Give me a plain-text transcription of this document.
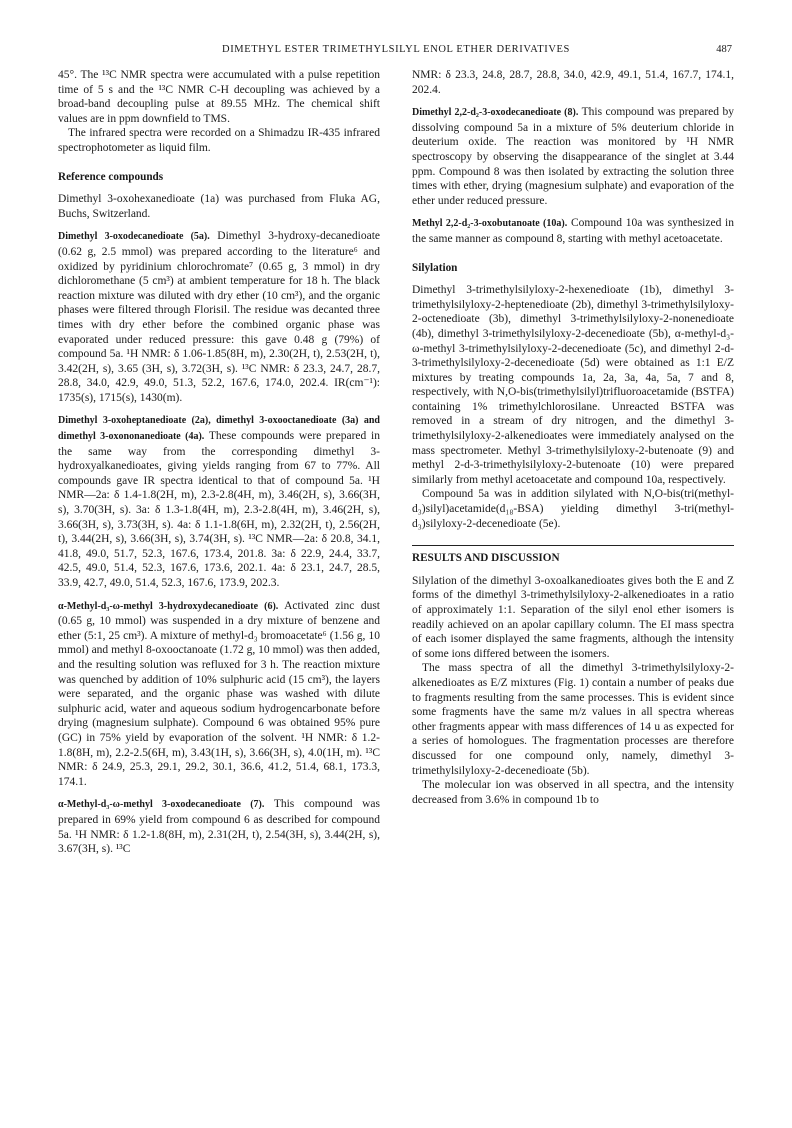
DIMETHYL ESTER TRIMETHYLSILYL ENOL ETHER DERIVATIVES	487

45°. The ¹³C NMR spectra were accumulated with a pulse repetition time of 5 s and the ¹³C NMR C-H decoupling was achieved by a broad-band decoupling pulse at 89.55 MHz. The chemical shift values are in ppm downfield to TMS.

The infrared spectra were recorded on a Shimadzu IR-435 infrared spectrophotometer as liquid film.

Reference compounds

Dimethyl 3-oxohexanedioate (1a) was purchased from Fluka AG, Buchs, Switzerland.

Dimethyl 3-oxodecanedioate (5a). Dimethyl 3-hydroxy-decanedioate (0.62 g, 2.5 mmol) was prepared according to the literature⁶ and oxidized by pyridinium chlorochromate⁷ (0.65 g, 3 mmol) in dry dichloromethane (5 cm³) at ambient temperature for 18 h. The black reaction mixture was diluted with dry ether (10 cm³), and the organic phases were filtered through Florisil. The residue was decanted three times with dry ether before the combined organic phase was evaporated under reduced pressure: this gave 0.48 g (79%) of compound 5a. ¹H NMR: δ 1.06-1.85(8H, m), 2.30(2H, t), 2.53(2H, t), 3.42(2H, s), 3.65 (3H, s), 3.72(3H, s). ¹³C NMR: δ 23.3, 24.7, 28.7, 28.8, 34.0, 42.9, 49.0, 51.3, 52.2, 167.6, 174.0, 202.4. IR(cm⁻¹): 1735(s), 1715(s), 1430(m).

Dimethyl 3-oxoheptanedioate (2a), dimethyl 3-oxooctanedioate (3a) and dimethyl 3-oxononanedioate (4a). These compounds were prepared in the same way from the corresponding dimethyl 3-hydroxyalkanedioates, giving yields ranging from 67 to 77%. All compounds gave IR spectra identical to that of compound 5a. ¹H NMR—2a: δ 1.4-1.8(2H, m), 2.3-2.8(4H, m), 3.46(2H, s), 3.66(3H, s), 3.70(3H, s). 3a: δ 1.3-1.8(4H, m), 2.3-2.8(4H, m), 3.46(2H, s), 3.66(3H, s), 3.73(3H, s). 4a: δ 1.1-1.8(6H, m), 2.32(2H, t), 2.56(2H, t), 3.44(2H, s), 3.66(3H, s), 3.74(3H, s). ¹³C NMR—2a: δ 20.8, 34.1, 41.8, 49.0, 51.7, 52.3, 167.6, 173.4, 201.8. 3a: δ 22.9, 24.4, 33.7, 42.5, 49.0, 51.4, 52.3, 167.6, 173.6, 202.1. 4a: δ 23.1, 24.7, 28.5, 33.9, 42.7, 49.0, 51.4, 52.3, 167.6, 173.9, 202.3.

α-Methyl-d₃-ω-methyl 3-hydroxydecanedioate (6). Activated zinc dust (0.65 g, 10 mmol) was suspended in a dry mixture of benzene and ether (5:1, 25 cm³). A mixture of methyl-d₃ bromoacetate⁶ (1.56 g, 10 mmol) and methyl 8-oxooctanoate (1.72 g, 10 mmol) was then added, and the resulting solution was refluxed for 3 h. The reaction mixture was quenched by addition of 10% sulphuric acid (15 cm³), the layers were separated, and the organic phase was washed with dilute sulphuric acid, water and aqueous sodium hydrogencarbonate before drying (magnesium sulphate). Compound 6 was obtained 95% pure (GC) in 75% yield by evaporation of the solvent. ¹H NMR: δ 1.2-1.8(8H, m), 2.2-2.5(6H, m), 3.43(1H, s), 3.66(3H, s), 4.0(1H, m). ¹³C NMR: δ 24.9, 25.3, 29.1, 29.2, 30.1, 36.6, 41.2, 51.4, 68.1, 173.3, 174.1.

α-Methyl-d₃-ω-methyl 3-oxodecanedioate (7). This compound was prepared in 69% yield from compound 6 as described for compound 5a. ¹H NMR: δ 1.2-1.8(8H, m), 2.31(2H, t), 2.54(3H, s), 3.44(2H, s), 3.67(3H, s). ¹³C

NMR: δ 23.3, 24.8, 28.7, 28.8, 34.0, 42.9, 49.1, 51.4, 167.7, 174.1, 202.4.

Dimethyl 2,2-d₂-3-oxodecanedioate (8). This compound was prepared by dissolving compound 5a in a mixture of 5% deuterium chloride in deuterium oxide. The reaction was monitored by ¹H NMR spectroscopy by observing the disappearance of the singlet at 3.44 ppm. Compound 8 was then isolated by extracting the solution three times with ether, drying (magnesium sulphate) and evaporation of the ether under reduced pressure.

Methyl 2,2-d₂-3-oxobutanoate (10a). Compound 10a was synthesized in the same manner as compound 8, starting with methyl acetoacetate.

Silylation

Dimethyl 3-trimethylsilyloxy-2-hexenedioate (1b), dimethyl 3-trimethylsilyloxy-2-heptenedioate (2b), dimethyl 3-trimethylsilyloxy-2-octenedioate (3b), dimethyl 3-trimethylsilyloxy-2-nonenedioate (4b), dimethyl 3-trimethylsilyloxy-2-decenedioate (5b), α-methyl-d₃-ω-methyl 3-trimethylsilyloxy-2-decenedioate (5c), and dimethyl 2-d-3-trimethylsilyloxy-2-decenedioate (5d) were obtained as 1:1 E/Z mixtures by treating compounds 1a, 2a, 3a, 4a, 5a, 7 and 8, respectively, with N,O-bis(trimethylsilyl)trifluoroacetamide (BSTFA) containing 1% trimethylchlorosilane. Unreacted BSTFA was removed in a stream of dry nitrogen, and the dimethyl 3-trimethylsilyloxy-2-alkenedioates were immediately analysed on the mass spectrometer. Methyl 3-trimethylsilyloxy-2-butenoate (9) and methyl 2-d-3-trimethylsilyloxy-2-butenoate (10) were prepared similarly from methyl acetoacetate and compound 10a, respectively.

Compound 5a was in addition silylated with N,O-bis(tri(methyl-d₃)silyl)acetamide(d₁₈-BSA) yielding dimethyl 3-tri(methyl-d₃)silyloxy-2-decenedioate (5e).

RESULTS AND DISCUSSION

Silylation of the dimethyl 3-oxoalkanedioates gives both the E and Z forms of the dimethyl 3-trimethylsilyloxy-2-alkenedioates in a ratio of approximately 1:1. Separation of the silyl enol ether isomers is readily achieved on an apolar capillary column. The EI mass spectra of each isomer displayed the same fragments, although the intensity of some ions differed between the isomers.

The mass spectra of all the dimethyl 3-trimethylsilyloxy-2-alkenedioates as E/Z mixtures (Fig. 1) contain a number of peaks due to fragments resulting from the same processes. This is evident since some fragments have the same m/z values in all spectra whereas other fragments appear with mass differences of 14 u as expected for a series of homologues. The fragmentation processes are therefore discussed for one compound only, namely, dimethyl 3-trimethylsilyloxy-2-decenedioate (5b).

The molecular ion was observed in all spectra, and the intensity decreased from 3.6% in compound 1b to
